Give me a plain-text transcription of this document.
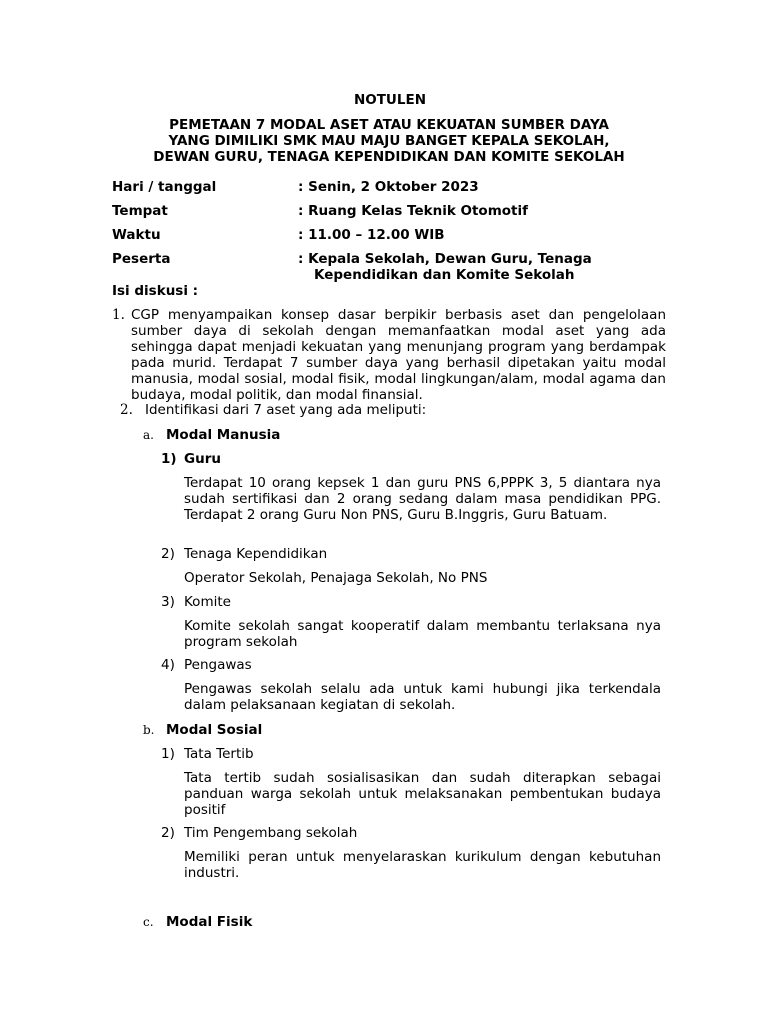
NOTULEN
PEMETAAN 7 MODAL ASET ATAU KEKUATAN SUMBER DAYA
YANG DIMILIKI SMK MAU MAJU BANGET KEPALA SEKOLAH,
DEWAN GURU, TENAGA KEPENDIDIKAN DAN KOMITE SEKOLAH
Hari / tanggal	: Senin, 2 Oktober 2023
Tempat	: Ruang Kelas Teknik Otomotif
Waktu	: 11.00 – 12.00 WIB
Peserta	: Kepala Sekolah, Dewan Guru, Tenaga
Kependidikan dan Komite Sekolah
Isi diskusi :
1. CGP menyampaikan konsep dasar berpikir berbasis aset dan pengelolaan sumber daya di sekolah dengan memanfaatkan modal aset yang ada sehingga dapat menjadi kekuatan yang menunjang program yang berdampak pada murid. Terdapat 7 sumber daya yang berhasil dipetakan yaitu modal manusia, modal sosial, modal fisik, modal lingkungan/alam, modal agama dan budaya, modal politik, dan modal finansial.
2. Identifikasi dari 7 aset yang ada meliputi:
a. Modal Manusia
1) Guru
Terdapat 10 orang kepsek 1 dan guru PNS 6,PPPK 3, 5 diantara nya sudah sertifikasi dan 2 orang sedang dalam masa pendidikan PPG. Terdapat 2 orang Guru Non PNS, Guru B.Inggris, Guru Batuam.
2) Tenaga Kependidikan
Operator Sekolah, Penajaga Sekolah, No PNS
3) Komite
Komite sekolah sangat kooperatif dalam membantu terlaksana nya program sekolah
4) Pengawas
Pengawas sekolah selalu ada untuk kami hubungi jika terkendala dalam pelaksanaan kegiatan di sekolah.
b. Modal Sosial
1) Tata Tertib
Tata tertib sudah sosialisasikan dan sudah diterapkan sebagai panduan warga sekolah untuk melaksanakan pembentukan budaya positif
2) Tim Pengembang sekolah
Memiliki peran untuk menyelaraskan kurikulum dengan kebutuhan industri.
c. Modal Fisik
